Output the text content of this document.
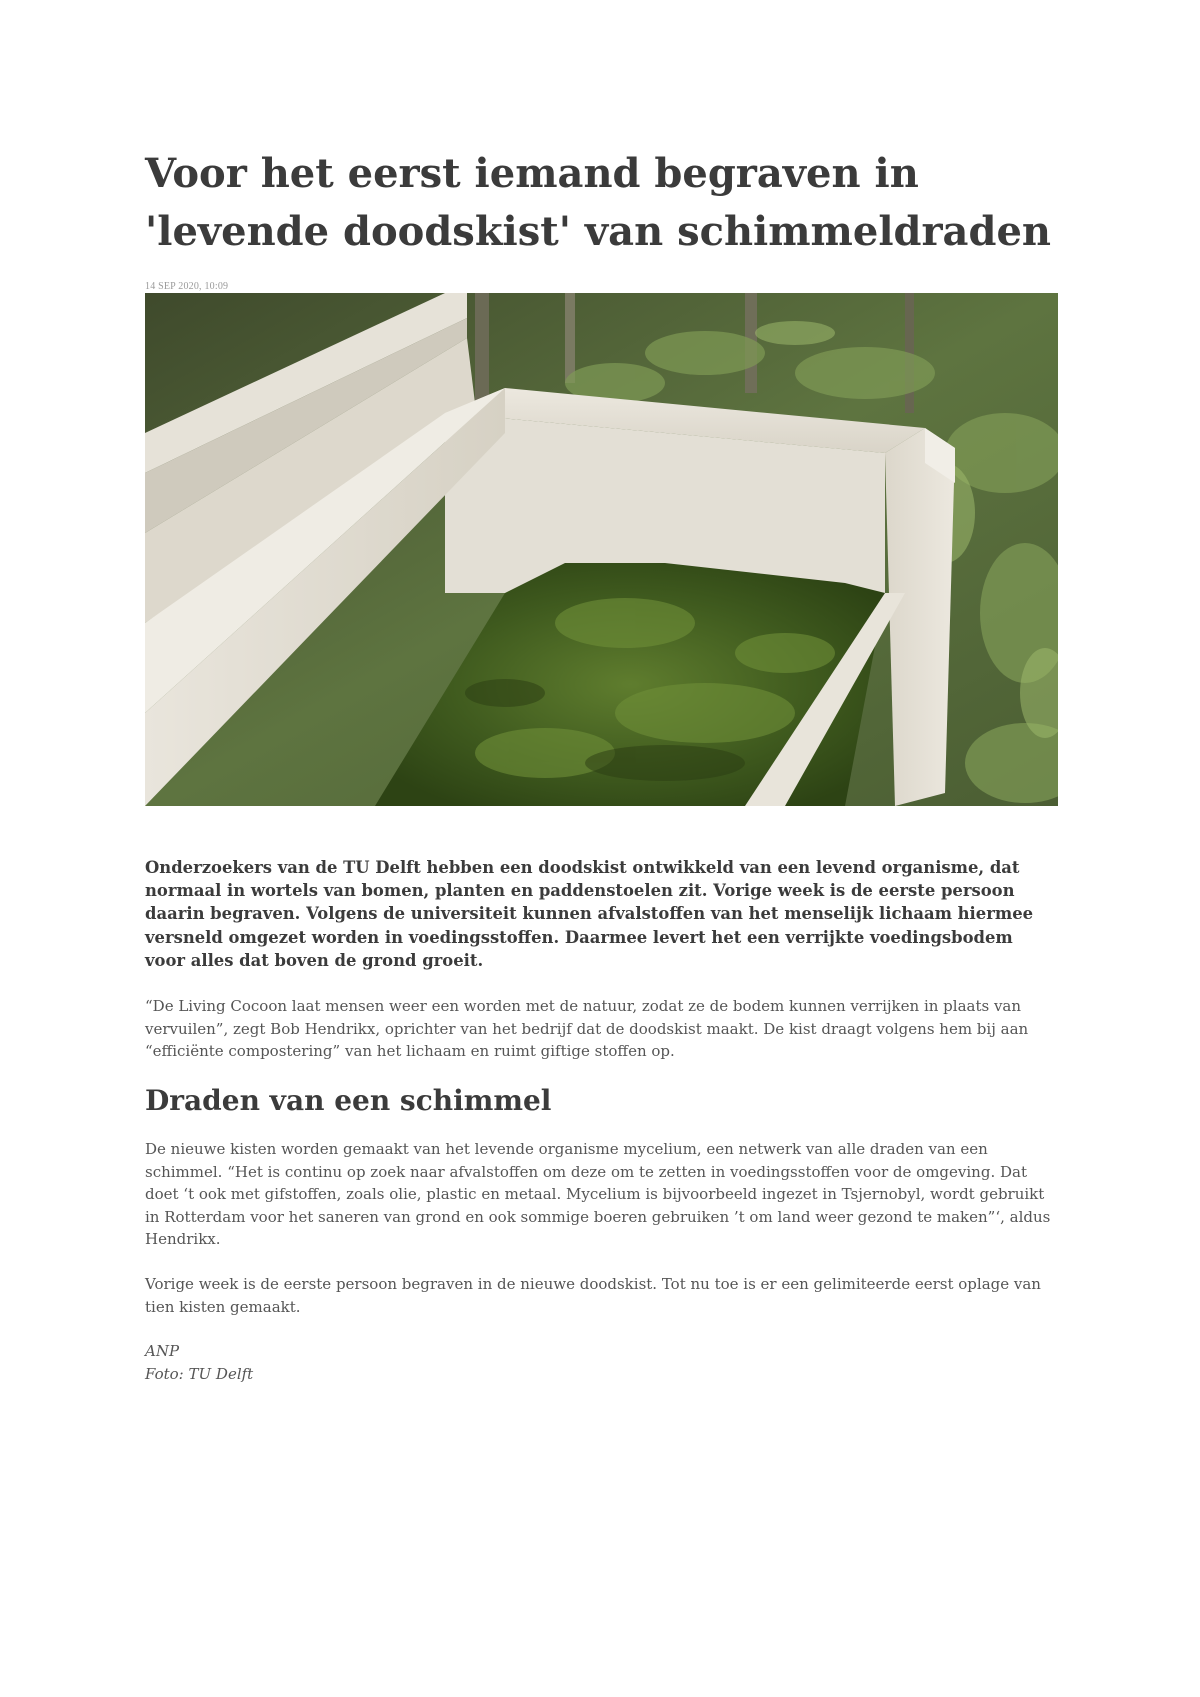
Voor het eerst iemand begraven in 'levende doodskist' van schimmeldraden
14 SEP 2020, 10:09

Onderzoekers van de TU Delft hebben een doodskist ontwikkeld van een levend organisme, dat normaal in wortels van bomen, planten en paddenstoelen zit. Vorige week is de eerste persoon daarin begraven. Volgens de universiteit kunnen afvalstoffen van het menselijk lichaam hiermee versneld omgezet worden in voedingsstoffen. Daarmee levert het een verrijkte voedingsbodem voor alles dat boven de grond groeit.

“De Living Cocoon laat mensen weer een worden met de natuur, zodat ze de bodem kunnen verrijken in plaats van vervuilen”, zegt Bob Hendrikx, oprichter van het bedrijf dat de doodskist maakt. De kist draagt volgens hem bij aan “efficiënte compostering” van het lichaam en ruimt giftige stoffen op.

Draden van een schimmel

De nieuwe kisten worden gemaakt van het levende organisme mycelium, een netwerk van alle draden van een schimmel. “Het is continu op zoek naar afvalstoffen om deze om te zetten in voedingsstoffen voor de omgeving. Dat doet ‘t ook met gifstoffen, zoals olie, plastic en metaal. Mycelium is bijvoorbeeld ingezet in Tsjernobyl, wordt gebruikt in Rotterdam voor het saneren van grond en ook sommige boeren gebruiken ’t om land weer gezond te maken”‘, aldus Hendrikx.

Vorige week is de eerste persoon begraven in de nieuwe doodskist. Tot nu toe is er een gelimiteerde eerst oplage van tien kisten gemaakt.

ANP
Foto: TU Delft
